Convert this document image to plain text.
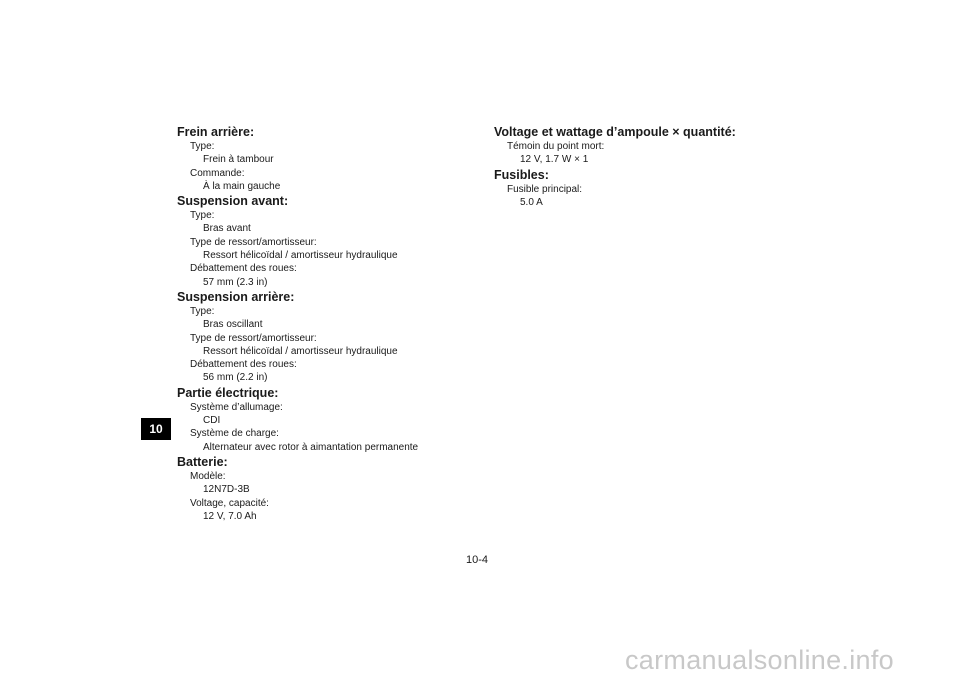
10

Frein arrière:

Type:

Frein à tambour

Commande:

À la main gauche

Suspension avant:

Type:

Bras avant

Type de ressort/amortisseur:

Ressort hélicoïdal / amortisseur hydraulique

Débattement des roues:

57 mm (2.3 in)

Suspension arrière:

Type:

Bras oscillant

Type de ressort/amortisseur:

Ressort hélicoïdal / amortisseur hydraulique

Débattement des roues:

56 mm (2.2 in)

Partie électrique:

Système d’allumage:

CDI

Système de charge:

Alternateur avec rotor à aimantation permanente

Batterie:

Modèle:

12N7D-3B

Voltage, capacité:

12 V, 7.0 Ah

Voltage et wattage d’ampoule × quantité:

Témoin du point mort:

12 V, 1.7 W × 1

Fusibles:

Fusible principal:

5.0 A

10-4
carmanualsonline.info
